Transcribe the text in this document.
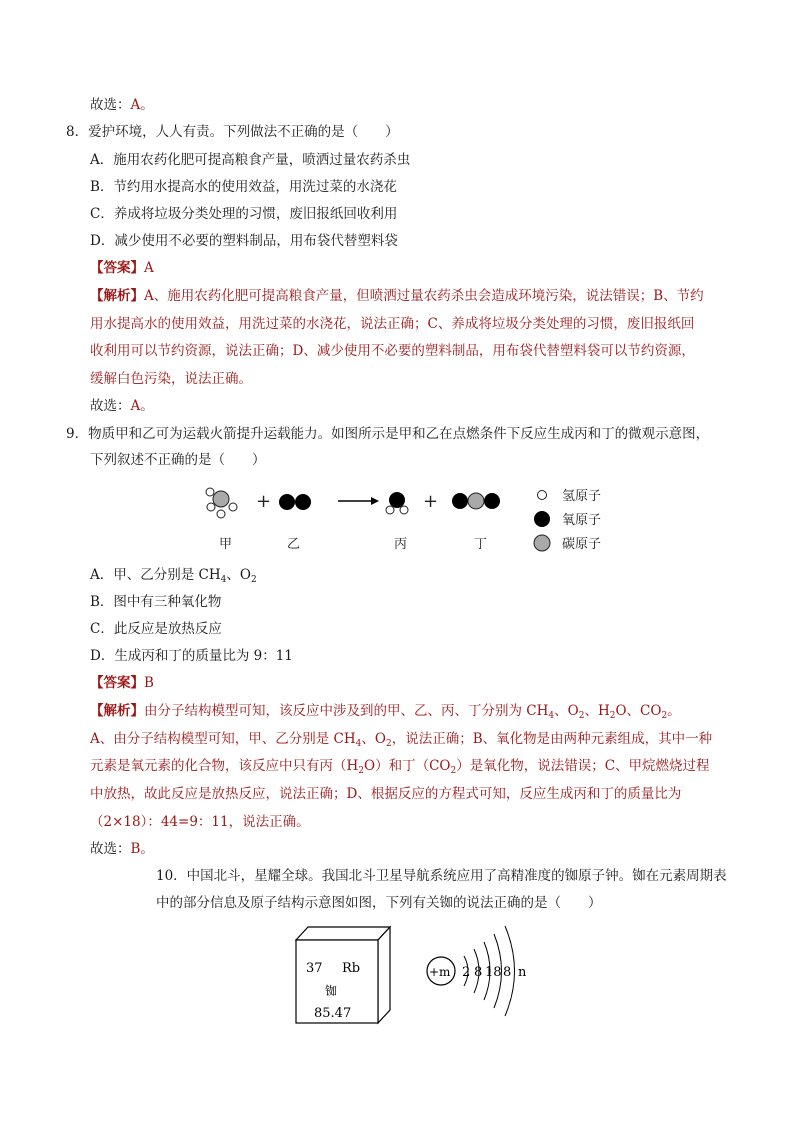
故选：A。
8．爱护环境，人人有责。下列做法不正确的是（　　）
A．施用农药化肥可提高粮食产量，喷洒过量农药杀虫
B．节约用水提高水的使用效益，用洗过菜的水浇花
C．养成将垃圾分类处理的习惯，废旧报纸回收利用
D．减少使用不必要的塑料制品，用布袋代替塑料袋
【答案】A
【解析】A、施用农药化肥可提高粮食产量，但喷洒过量农药杀虫会造成环境污染，说法错误；B、节约
用水提高水的使用效益，用洗过菜的水浇花，说法正确；C、养成将垃圾分类处理的习惯，废旧报纸回
收利用可以节约资源，说法正确；D、减少使用不必要的塑料制品，用布袋代替塑料袋可以节约资源，
缓解白色污染，说法正确。
故选：A。
9．物质甲和乙可为运载火箭提升运载能力。如图所示是甲和乙在点燃条件下反应生成丙和丁的微观示意图，
下列叙述不正确的是（　　）
+	+	氢原子
氧原子
碳原子
甲	乙	丙	丁
A．甲、乙分别是 $CH_4$、$O_2$
B．图中有三种氧化物
C．此反应是放热反应
D．生成丙和丁的质量比为 9：11
【答案】B
【解析】由分子结构模型可知，该反应中涉及到的甲、乙、丙、丁分别为 $CH_4$、$O_2$、$H_2O$、$CO_2$。
A、由分子结构模型可知，甲、乙分别是 $CH_4$、$O_2$，说法正确；B、氧化物是由两种元素组成，其中一种
元素是氧元素的化合物，该反应中只有丙$(H_2O)$和丁$(CO_2)$是氧化物，说法错误；C、甲烷燃烧过程
中放热，故此反应是放热反应，说法正确；D、根据反应的方程式可知，反应生成丙和丁的质量比为
（2×18）：44=9：11，说法正确。
故选：B。
10．中国北斗，星耀全球。我国北斗卫星导航系统应用了高精准度的铷原子钟。铷在元素周期表
中的部分信息及原子结构示意图如图，下列有关铷的说法正确的是（　　）
37 Rb
铷
85.47
+m 2 8 18 8 n
